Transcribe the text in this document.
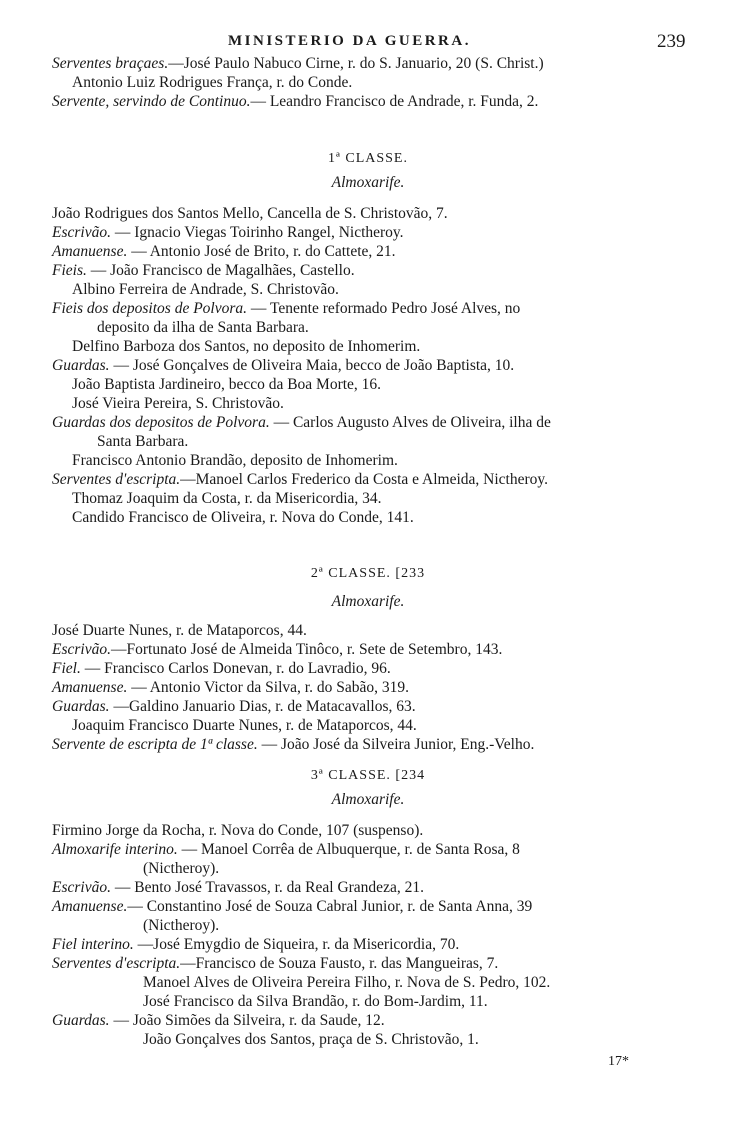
MINISTERIO DA GUERRA.	239
Serventes braçaes.—José Paulo Nabuco Cirne, r. do S. Januario, 20 (S. Christ.)
Antonio Luiz Rodrigues França, r. do Conde.
Servente, servindo de Continuo.— Leandro Francisco de Andrade, r. Funda, 2.
1ª CLASSE.
Almoxarife.
João Rodrigues dos Santos Mello, Cancella de S. Christovão, 7.
Escrivão. — Ignacio Viegas Toirinho Rangel, Nictheroy.
Amanuense. — Antonio José de Brito, r. do Cattete, 21.
Fieis. — João Francisco de Magalhães, Castello.
Albino Ferreira de Andrade, S. Christovão.
Fieis dos depositos de Polvora. — Tenente reformado Pedro José Alves, no
deposito da ilha de Santa Barbara.
Delfino Barboza dos Santos, no deposito de Inhomerim.
Guardas. — José Gonçalves de Oliveira Maia, becco de João Baptista, 10.
João Baptista Jardineiro, becco da Boa Morte, 16.
José Vieira Pereira, S. Christovão.
Guardas dos depositos de Polvora. — Carlos Augusto Alves de Oliveira, ilha de
Santa Barbara.
Francisco Antonio Brandão, deposito de Inhomerim.
Serventes d'escripta.—Manoel Carlos Frederico da Costa e Almeida, Nictheroy.
Thomaz Joaquim da Costa, r. da Misericordia, 34.
Candido Francisco de Oliveira, r. Nova do Conde, 141.
2ª CLASSE. [233
Almoxarife.
José Duarte Nunes, r. de Mataporcos, 44.
Escrivão.—Fortunato José de Almeida Tinôco, r. Sete de Setembro, 143.
Fiel. — Francisco Carlos Donevan, r. do Lavradio, 96.
Amanuense. — Antonio Victor da Silva, r. do Sabão, 319.
Guardas. —Galdino Januario Dias, r. de Matacavallos, 63.
Joaquim Francisco Duarte Nunes, r. de Mataporcos, 44.
Servente de escripta de 1ª classe. — João José da Silveira Junior, Eng.-Velho.
3ª CLASSE. [234
Almoxarife.
Firmino Jorge da Rocha, r. Nova do Conde, 107 (suspenso).
Almoxarife interino. — Manoel Corrêa de Albuquerque, r. de Santa Rosa, 8
(Nictheroy).
Escrivão. — Bento José Travassos, r. da Real Grandeza, 21.
Amanuense.— Constantino José de Souza Cabral Junior, r. de Santa Anna, 39
(Nictheroy).
Fiel interino. —José Emygdio de Siqueira, r. da Misericordia, 70.
Serventes d'escripta.—Francisco de Souza Fausto, r. das Mangueiras, 7.
Manoel Alves de Oliveira Pereira Filho, r. Nova de S. Pedro, 102.
José Francisco da Silva Brandão, r. do Bom-Jardim, 11.
Guardas. — João Simões da Silveira, r. da Saude, 12.
João Gonçalves dos Santos, praça de S. Christovão, 1.
17*
